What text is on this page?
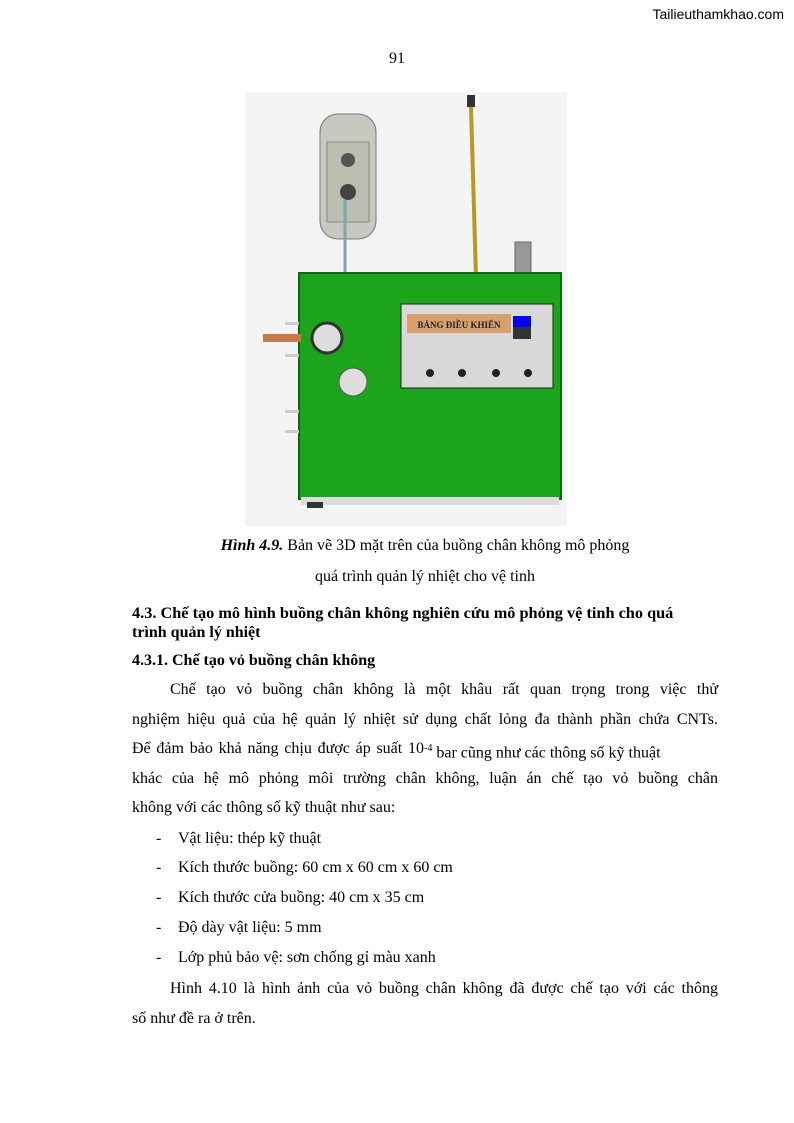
Tailieuthamkhao.com
91
BẢNG ĐIỀU KHIỂN
Hình 4.9. Bản vẽ 3D mặt trên của buồng chân không mô phỏng
quá trình quản lý nhiệt cho vệ tinh
4.3. Chế tạo mô hình buồng chân không nghiên cứu mô phỏng vệ tinh cho quá
trình quản lý nhiệt
4.3.1. Chế tạo vỏ buồng chân không
Chế tạo vỏ buồng chân không là một khâu rất quan trọng trong việc thử
nghiệm hiệu quả của hệ quản lý nhiệt sử dụng chất lỏng đa thành phần chứa CNTs.
Để đảm bảo khả năng chịu được áp suất 10 $^{-4}$ bar cũng như các thông số kỹ thuật
khác của hệ mô phỏng môi trường chân không, luận án chế tạo vỏ buồng chân
không với các thông số kỹ thuật như sau:
- Vật liệu: thép kỹ thuật
- Kích thước buồng: 60 cm x 60 cm x 60 cm
- Kích thước cửa buồng: 40 cm x 35 cm
- Độ dày vật liệu: 5 mm
- Lớp phủ bảo vệ: sơn chống gỉ màu xanh
Hình 4.10 là hình ảnh của vỏ buồng chân không đã được chế tạo với các thông
số như đề ra ở trên.
